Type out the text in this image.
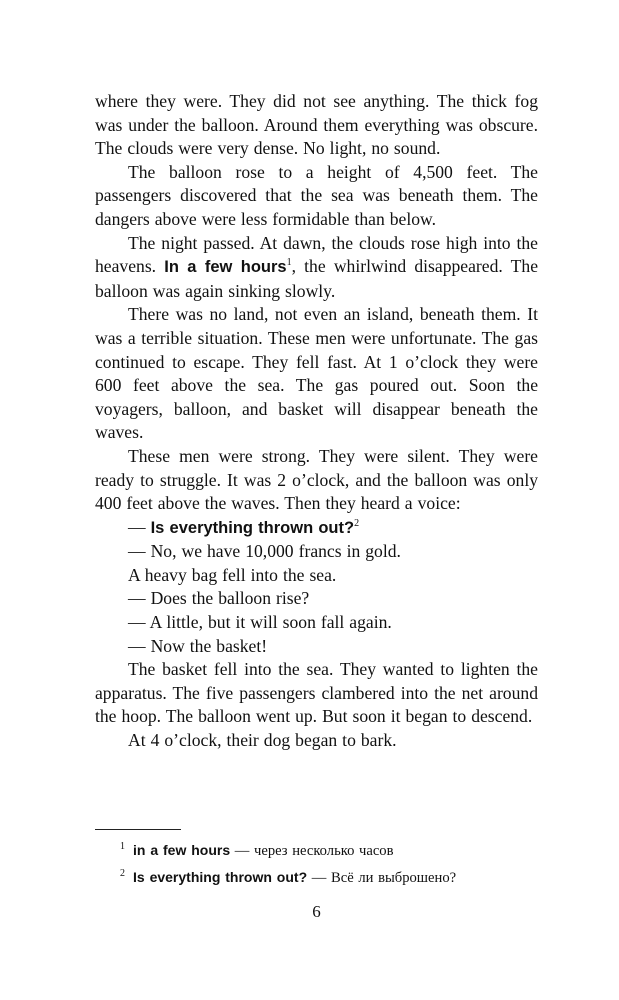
where they were. They did not see anything. The thick fog was under the balloon. Around them everything was obscure. The clouds were very dense. No light, no sound.

The balloon rose to a height of 4,500 feet. The passengers discovered that the sea was beneath them. The dangers above were less formidable than below.

The night passed. At dawn, the clouds rose high into the heavens. In a few hours$^1$, the whirlwind disappeared. The balloon was again sinking slowly.

There was no land, not even an island, beneath them. It was a terrible situation. These men were unfortunate. The gas continued to escape. They fell fast. At 1 o’clock they were 600 feet above the sea. The gas poured out. Soon the voyagers, balloon, and basket will disappear beneath the waves.

These men were strong. They were silent. They were ready to struggle. It was 2 o’clock, and the balloon was only 400 feet above the waves. Then they heard a voice:

— Is everything thrown out?$^2$

— No, we have 10,000 francs in gold.

A heavy bag fell into the sea.

— Does the balloon rise?

— A little, but it will soon fall again.

— Now the basket!

The basket fell into the sea. They wanted to lighten the apparatus. The five passengers clambered into the net around the hoop. The balloon went up. But soon it began to descend.

At 4 o’clock, their dog began to bark.

$^1$ in a few hours — через несколько часов

$^2$ Is everything thrown out? — Всё ли выброшено?

6
